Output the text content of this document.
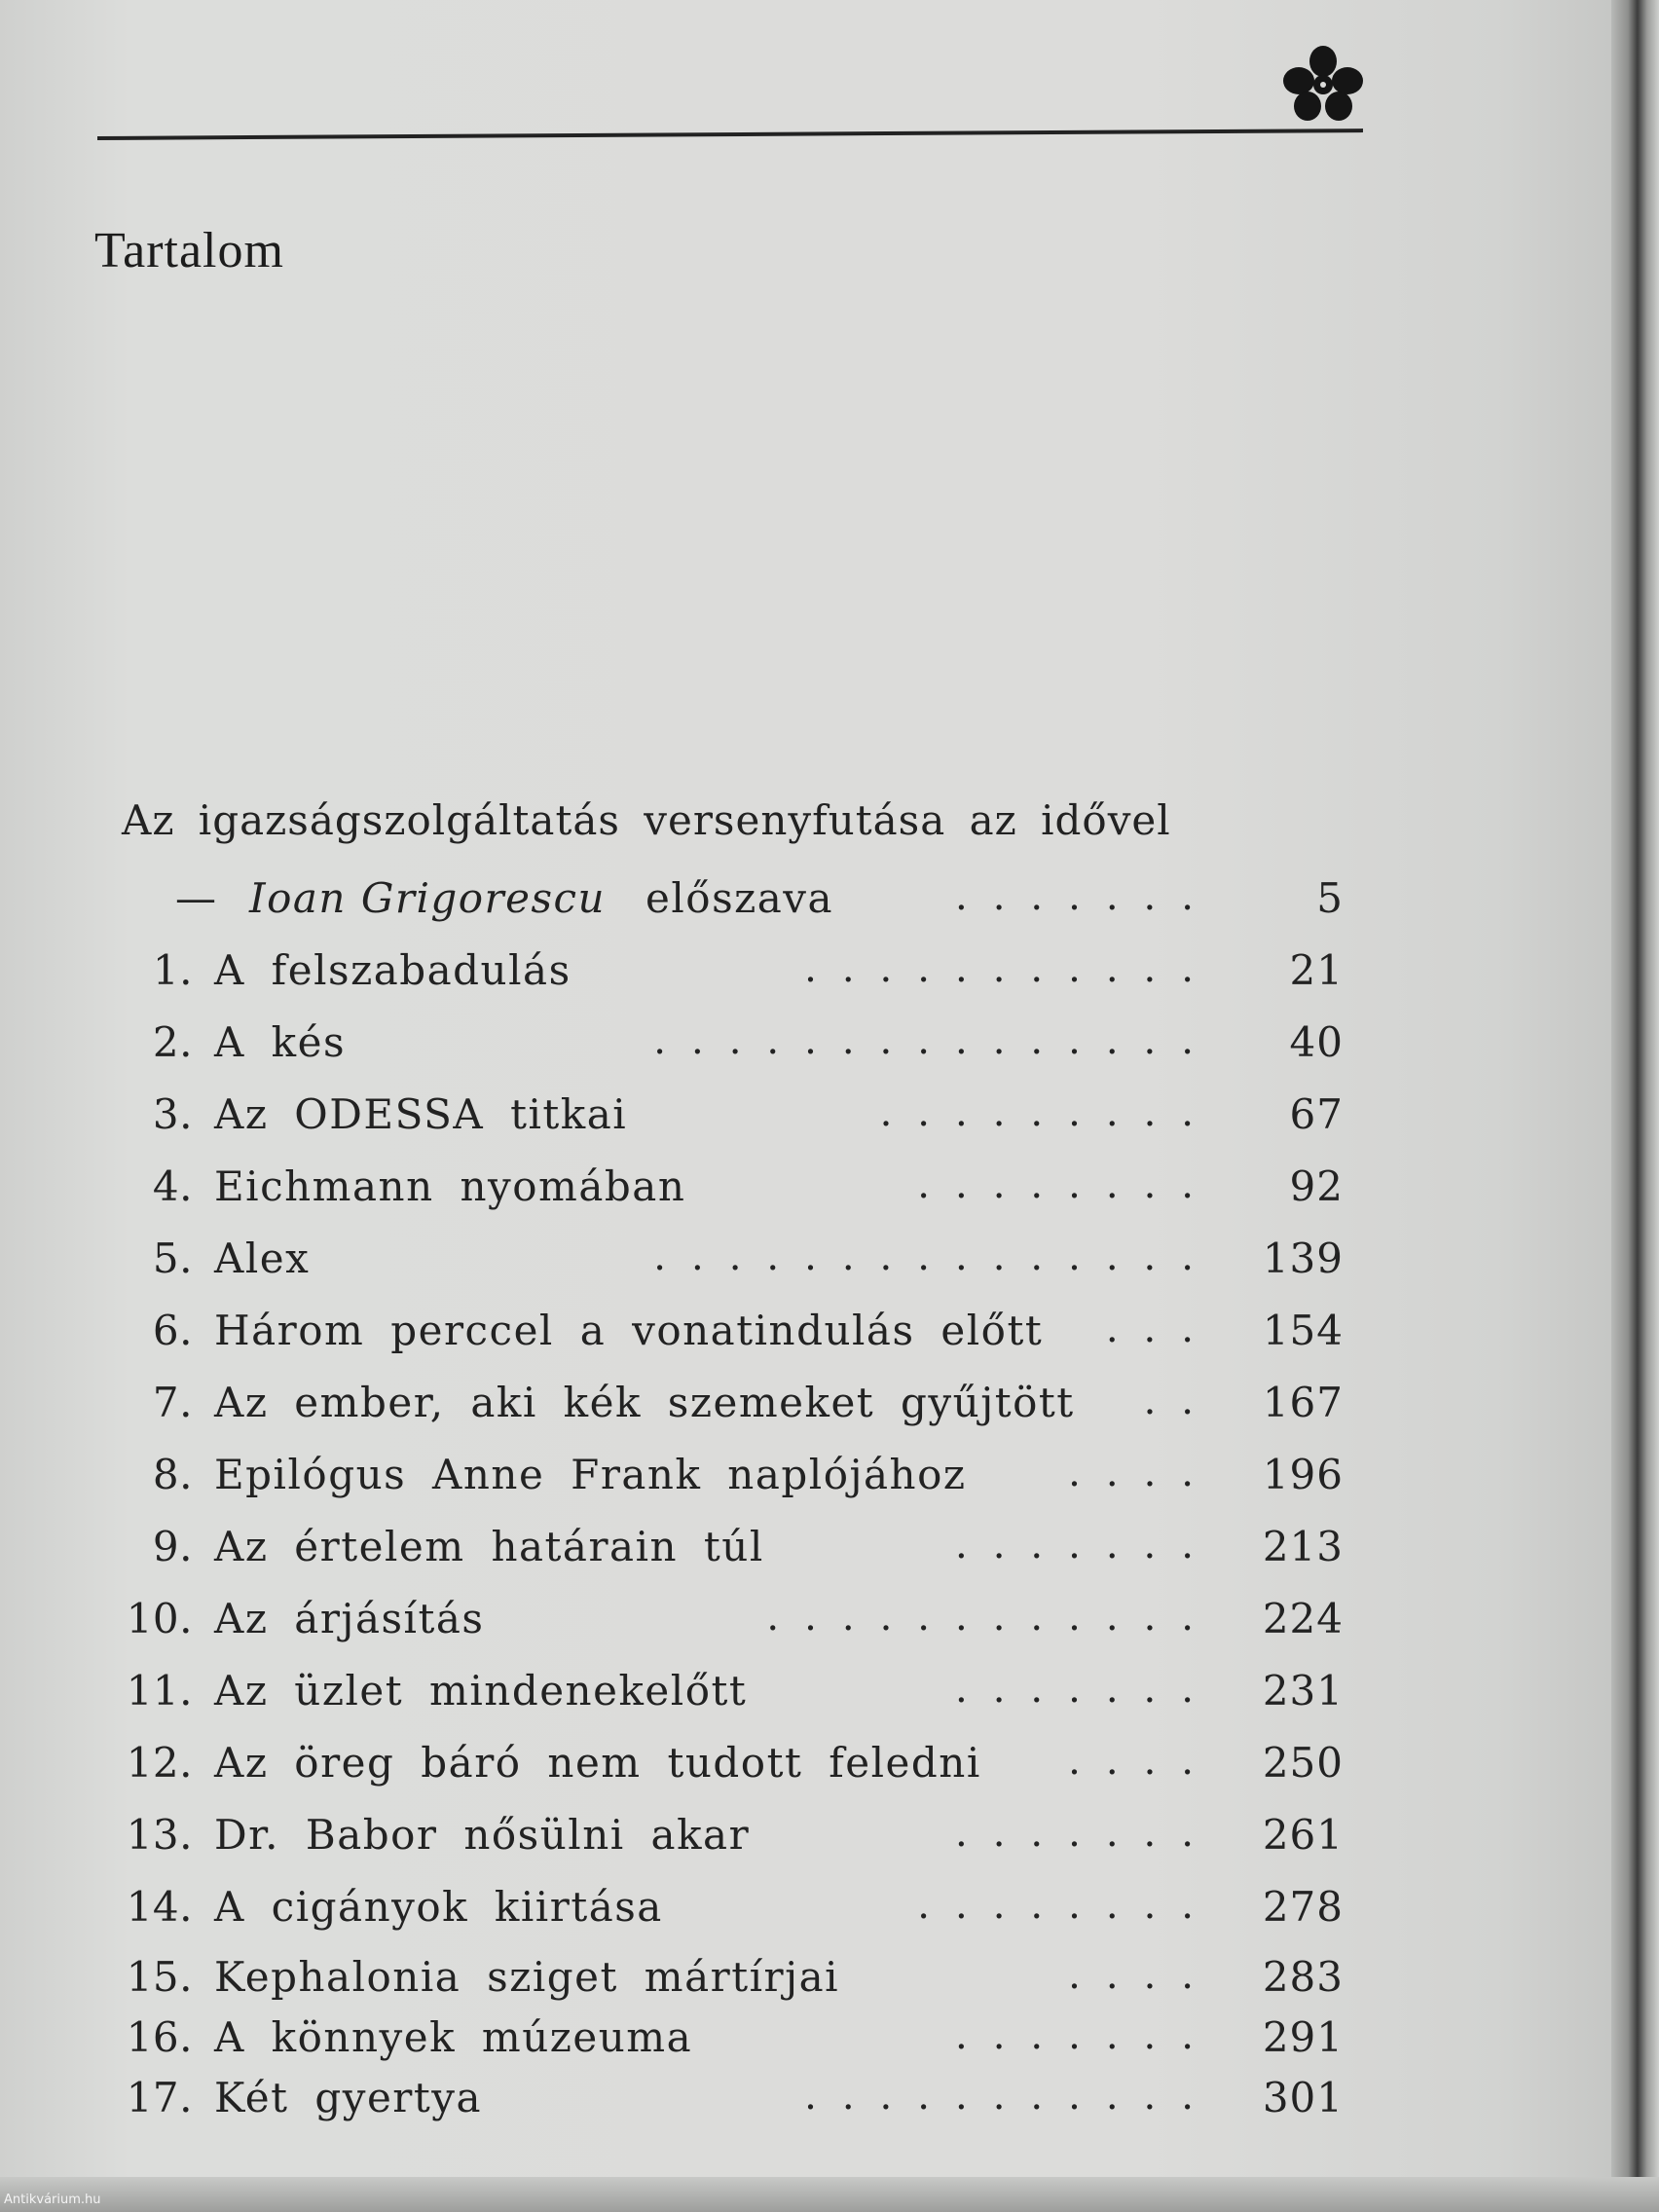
Tartalom
Az igazságszolgáltatás versenyfutása az idővel
— Ioan Grigorescu előszava	.......	5
1. A felszabadulás	...........	21
2. A kés	...............	40
3. Az ODESSA titkai	.........	67
4. Eichmann nyomában	........	92
5. Alex	............... 139
6. Három perccel a vonatindulás előtt ... 154
7. Az ember, aki kék szemeket gyűjtött .. 167
8. Epilógus Anne Frank naplójához	.... 196
9. Az értelem határain túl	....... 213
10. Az árjásítás	............ 224
11. Az üzlet mindenekelőtt	....... 231
12. Az öreg báró nem tudott feledni .... 250
13. Dr. Babor nősülni akar	....... 261
14. A cigányok kiirtása	........ 278
15. Kephalonia sziget mártírjai	.... 283
16. A könnyek múzeuma	....... 291
17. Két gyertya	........... 301
Antikvárium.hu
